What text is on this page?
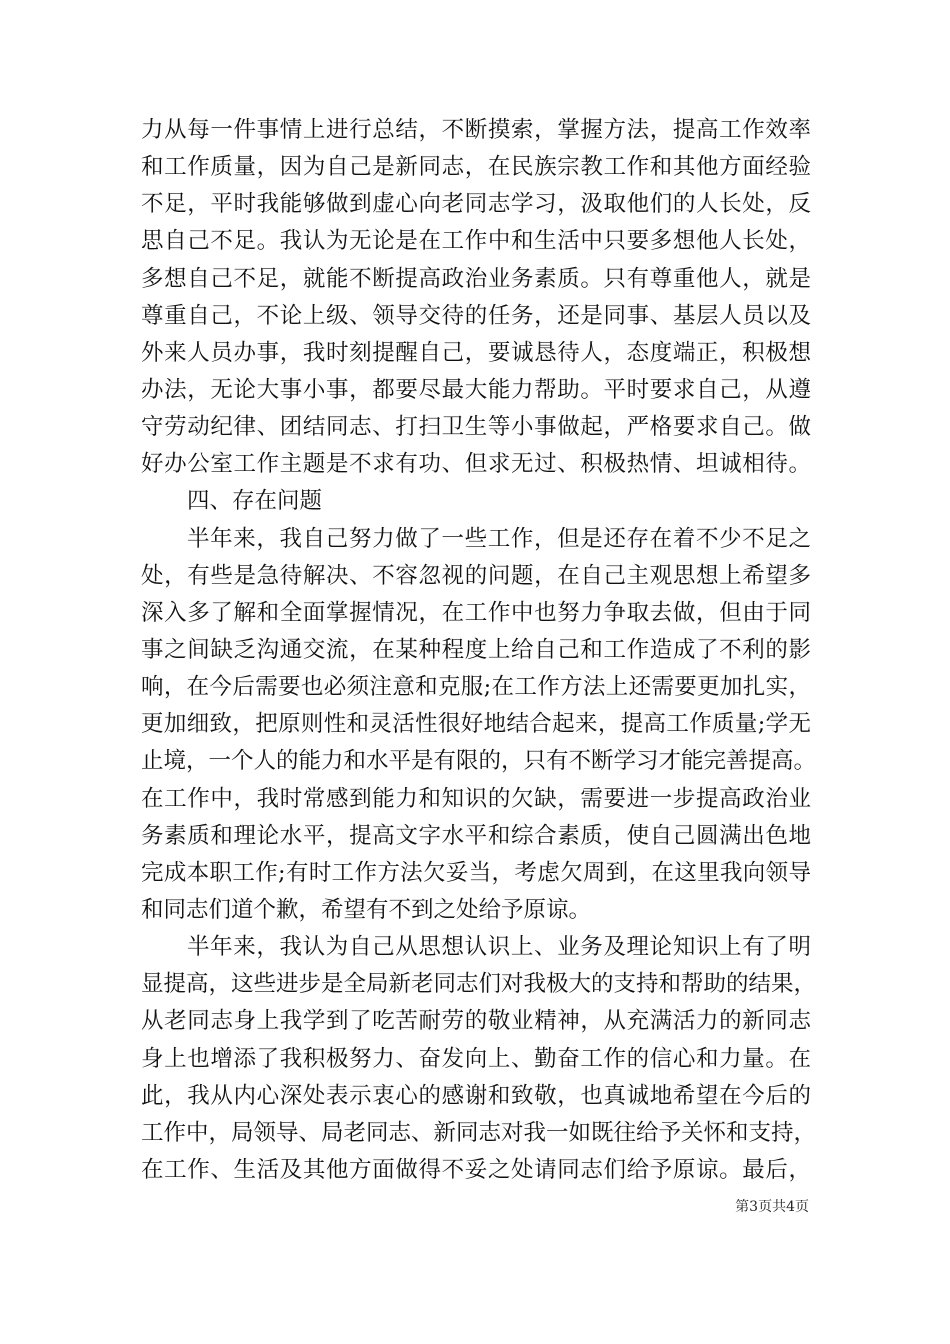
力从每一件事情上进行总结，不断摸索，掌握方法，提高工作效率
和工作质量，因为自己是新同志，在民族宗教工作和其他方面经验
不足，平时我能够做到虚心向老同志学习，汲取他们的人长处，反
思自己不足。我认为无论是在工作中和生活中只要多想他人长处，
多想自己不足，就能不断提高政治业务素质。只有尊重他人，就是
尊重自己，不论上级、领导交待的任务，还是同事、基层人员以及
外来人员办事，我时刻提醒自己，要诚恳待人，态度端正，积极想
办法，无论大事小事，都要尽最大能力帮助。平时要求自己，从遵
守劳动纪律、团结同志、打扫卫生等小事做起，严格要求自己。做
好办公室工作主题是不求有功、但求无过、积极热情、坦诚相待。
四、存在问题
半年来，我自己努力做了一些工作，但是还存在着不少不足之
处，有些是急待解决、不容忽视的问题，在自己主观思想上希望多
深入多了解和全面掌握情况，在工作中也努力争取去做，但由于同
事之间缺乏沟通交流，在某种程度上给自己和工作造成了不利的影
响，在今后需要也必须注意和克服;在工作方法上还需要更加扎实，
更加细致，把原则性和灵活性很好地结合起来，提高工作质量;学无
止境，一个人的能力和水平是有限的，只有不断学习才能完善提高。
在工作中，我时常感到能力和知识的欠缺，需要进一步提高政治业
务素质和理论水平，提高文字水平和综合素质，使自己圆满出色地
完成本职工作;有时工作方法欠妥当，考虑欠周到，在这里我向领导
和同志们道个歉，希望有不到之处给予原谅。
半年来，我认为自己从思想认识上、业务及理论知识上有了明
显提高，这些进步是全局新老同志们对我极大的支持和帮助的结果，
从老同志身上我学到了吃苦耐劳的敬业精神，从充满活力的新同志
身上也增添了我积极努力、奋发向上、勤奋工作的信心和力量。在
此，我从内心深处表示衷心的感谢和致敬，也真诚地希望在今后的
工作中，局领导、局老同志、新同志对我一如既往给予关怀和支持，
在工作、生活及其他方面做得不妥之处请同志们给予原谅。最后，
第3页共4页
